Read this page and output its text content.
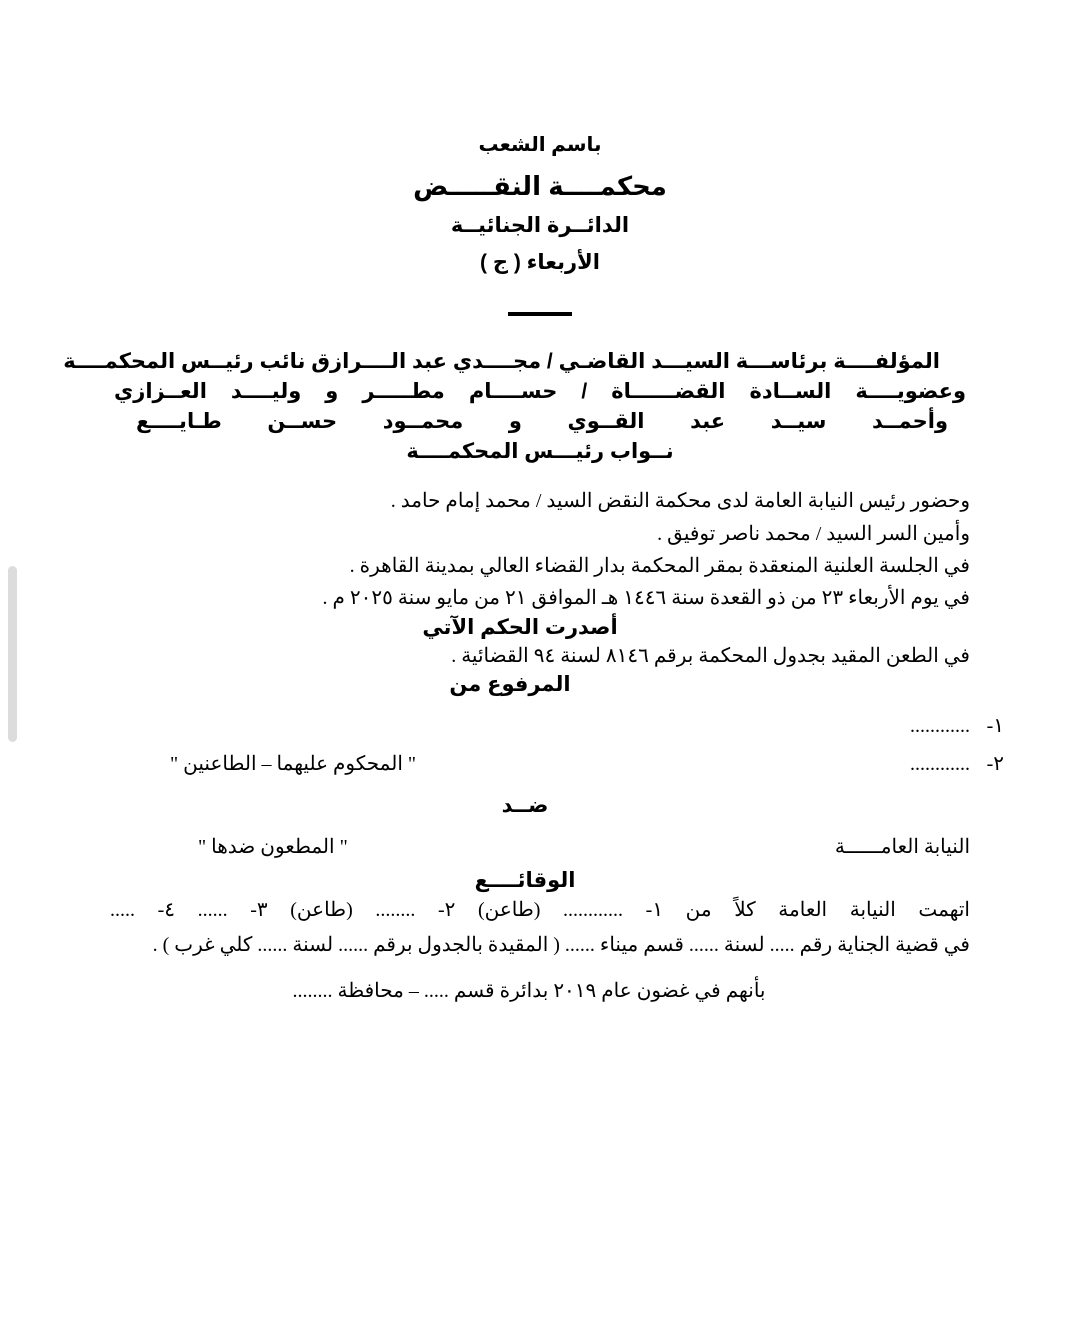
باسم الشعب
محكمــــة النقـــــض
الدائــرة الجنائيــة
الأربعاء ( ج )
المؤلفــــة برئاســـة السيـــد القاضـي / مجــــدي عبد الــــرازق نائب رئيــس المحكمــــة
وعضويــــة الســادة القضــــــاة / حســــام مطـــــر و وليــــد العــزازي
وأحمــد سيــد عبد القــوي و محمــود حســن طـايــــع
نــواب رئيـــس المحكمــــة
وحضور رئيس النيابة العامة لدى محكمة النقض السيد / محمد إمام حامد .
وأمين السر السيد / محمد ناصر توفيق .
في الجلسة العلنية المنعقدة بمقر المحكمة بدار القضاء العالي بمدينة القاهرة .
في يوم الأربعاء ٢٣ من ذو القعدة سنة ١٤٤٦ هـ الموافق ٢١ من مايو سنة ٢٠٢٥ م .
أصدرت الحكم الآتي
في الطعن المقيد بجدول المحكمة برقم ٨١٤٦ لسنة ٩٤ القضائية .
المرفوع من
............ ١-
............ ٢-
" المحكوم عليهما – الطاعنين "
ضــد
النيابة العامــــــة
" المطعون ضدها "
الوقائــــع
اتهمت النيابة العامة كلاً من ١- ............ (طاعن) ٢- ........ (طاعن) ٣- ...... ٤- .....
في قضية الجناية رقم ..... لسنة ...... قسم ميناء ...... ( المقيدة بالجدول برقم ...... لسنة ...... كلي غرب ) .
بأنهم في غضون عام ٢٠١٩ بدائرة قسم ..... – محافظة ........
